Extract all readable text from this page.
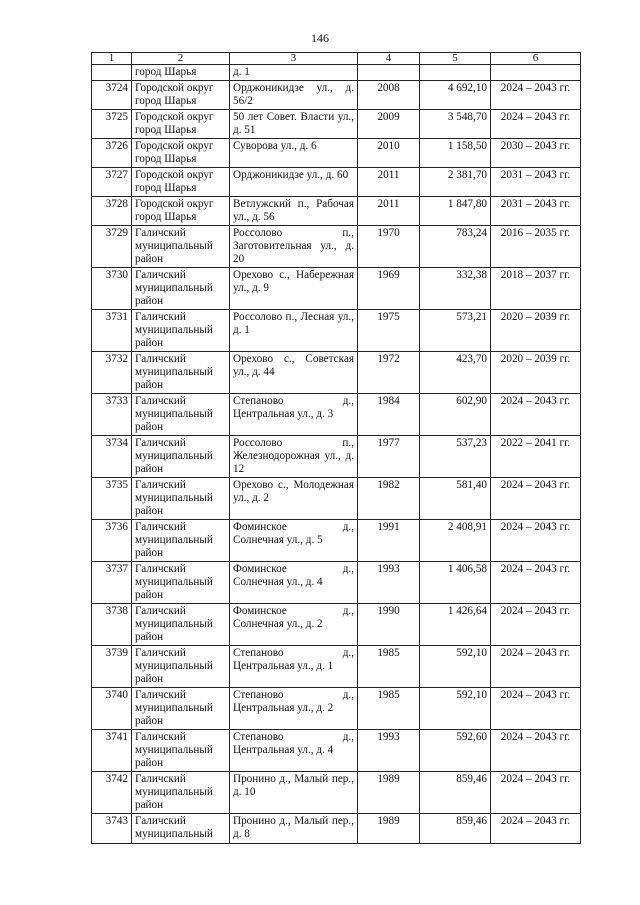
146
1	2	3	4	5	6
	город Шарья	д. 1			
3724	Городской округ город Шарья	Орджоникидзе ул., д. 56/2	2008	4 692,10	2024 – 2043 гг.
3725	Городской округ город Шарья	50 лет Совет. Власти ул., д. 51	2009	3 548,70	2024 – 2043 гг.
3726	Городской округ город Шарья	Суворова ул., д. 6	2010	1 158,50	2030 – 2043 гг.
3727	Городской округ город Шарья	Орджоникидзе ул., д. 60	2011	2 381,70	2031 – 2043 гг.
3728	Городской округ город Шарья	Ветлужский п., Рабочая ул., д. 56	2011	1 847,80	2031 – 2043 гг.
3729	Галичский муниципальный район	Россолово п., Заготовительная ул., д. 20	1970	783,24	2016 – 2035 гг.
3730	Галичский муниципальный район	Орехово с., Набережная ул., д. 9	1969	332,38	2018 – 2037 гг.
3731	Галичский муниципальный район	Россолово п., Лесная ул., д. 1	1975	573,21	2020 – 2039 гг.
3732	Галичский муниципальный район	Орехово с., Советская ул., д. 44	1972	423,70	2020 – 2039 гг.
3733	Галичский муниципальный район	Степаново д., Центральная ул., д. 3	1984	602,90	2024 – 2043 гг.
3734	Галичский муниципальный район	Россолово п., Железнодорожная ул., д. 12	1977	537,23	2022 – 2041 гг.
3735	Галичский муниципальный район	Орехово с., Молодежная ул., д. 2	1982	581,40	2024 – 2043 гг.
3736	Галичский муниципальный район	Фоминское д., Солнечная ул., д. 5	1991	2 408,91	2024 – 2043 гг.
3737	Галичский муниципальный район	Фоминское д., Солнечная ул., д. 4	1993	1 406,58	2024 – 2043 гг.
3738	Галичский муниципальный район	Фоминское д., Солнечная ул., д. 2	1990	1 426,64	2024 – 2043 гг.
3739	Галичский муниципальный район	Степаново д., Центральная ул., д. 1	1985	592,10	2024 – 2043 гг.
3740	Галичский муниципальный район	Степаново д., Центральная ул., д. 2	1985	592,10	2024 – 2043 гг.
3741	Галичский муниципальный район	Степаново д., Центральная ул., д. 4	1993	592,60	2024 – 2043 гг.
3742	Галичский муниципальный район	Пронино д., Малый пер., д. 10	1989	859,46	2024 – 2043 гг.
3743	Галичский муниципальный	Пронино д., Малый пер., д. 8	1989	859,46	2024 – 2043 гг.
